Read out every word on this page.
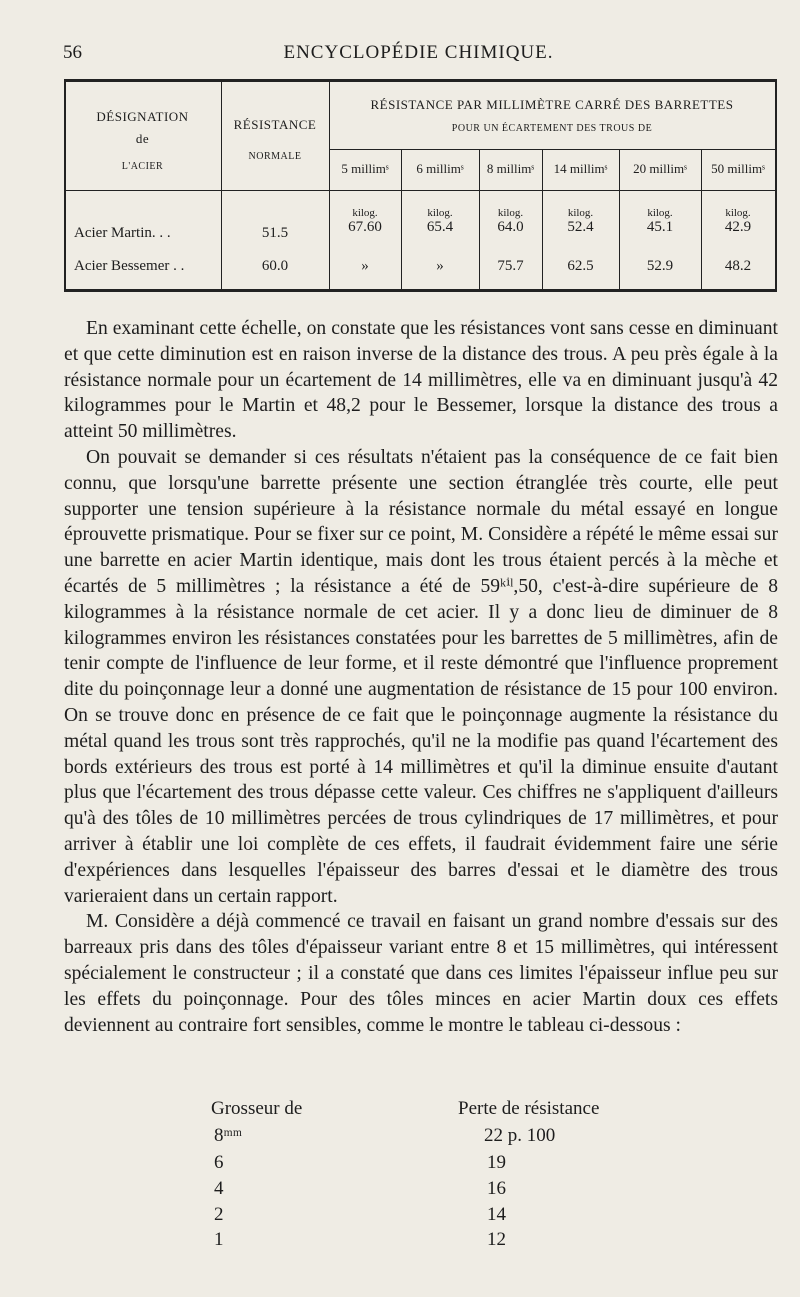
56	ENCYCLOPÉDIE CHIMIQUE.
DÉSIGNATION
de
L'ACIER
RÉSISTANCE
NORMALE
RÉSISTANCE PAR MILLIMÈTRE CARRÉ DES BARRETTES
POUR UN ÉCARTEMENT DES TROUS DE
5 millimˢ	6 millimˢ	8 millimˢ	14 millimˢ	20 millimˢ	50 millimˢ
kilog.	kilog.	kilog.	kilog.	kilog.	kilog.
Acier Martin. . .	51.5	67.60	65.4	64.0	52.4	45.1	42.9
Acier Bessemer . .	60.0	»	»	75.7	62.5	52.9	48.2

En examinant cette échelle, on constate que les résistances vont sans cesse en diminuant et que cette diminution est en raison inverse de la distance des trous. A peu près égale à la résistance normale pour un écartement de 14 millimètres, elle va en diminuant jusqu'à 42 kilogrammes pour le Martin et 48,2 pour le Bessemer, lorsque la distance des trous a atteint 50 millimètres.

On pouvait se demander si ces résultats n'étaient pas la conséquence de ce fait bien connu, que lorsqu'une barrette présente une section étranglée très courte, elle peut supporter une tension supérieure à la résistance normale du métal essayé en longue éprouvette prismatique. Pour se fixer sur ce point, M. Considère a répété le même essai sur une barrette en acier Martin identique, mais dont les trous étaient percés à la mèche et écartés de 5 millimètres ; la résistance a été de 59ᵏⁱˡ,50, c'est-à-dire supérieure de 8 kilogrammes à la résistance normale de cet acier. Il y a donc lieu de diminuer de 8 kilogrammes environ les résistances constatées pour les barrettes de 5 millimètres, afin de tenir compte de l'influence de leur forme, et il reste démontré que l'influence proprement dite du poinçonnage leur a donné une augmentation de résistance de 15 pour 100 environ. On se trouve donc en présence de ce fait que le poinçonnage augmente la résistance du métal quand les trous sont très rapprochés, qu'il ne la modifie pas quand l'écartement des bords extérieurs des trous est porté à 14 millimètres et qu'il la diminue ensuite d'autant plus que l'écartement des trous dépasse cette valeur. Ces chiffres ne s'appliquent d'ailleurs qu'à des tôles de 10 millimètres percées de trous cylindriques de 17 millimètres, et pour arriver à établir une loi complète de ces effets, il faudrait évidemment faire une série d'expériences dans lesquelles l'épaisseur des barres d'essai et le diamètre des trous varieraient dans un certain rapport.

M. Considère a déjà commencé ce travail en faisant un grand nombre d'essais sur des barreaux pris dans des tôles d'épaisseur variant entre 8 et 15 millimètres, qui intéressent spécialement le constructeur ; il a constaté que dans ces limites l'épaisseur influe peu sur les effets du poinçonnage. Pour des tôles minces en acier Martin doux ces effets deviennent au contraire fort sensibles, comme le montre le tableau ci-dessous :

Grosseur de	Perte de résistance
8ᵐᵐ	22 p. 100
6	19
4	16
2	14
1	12
